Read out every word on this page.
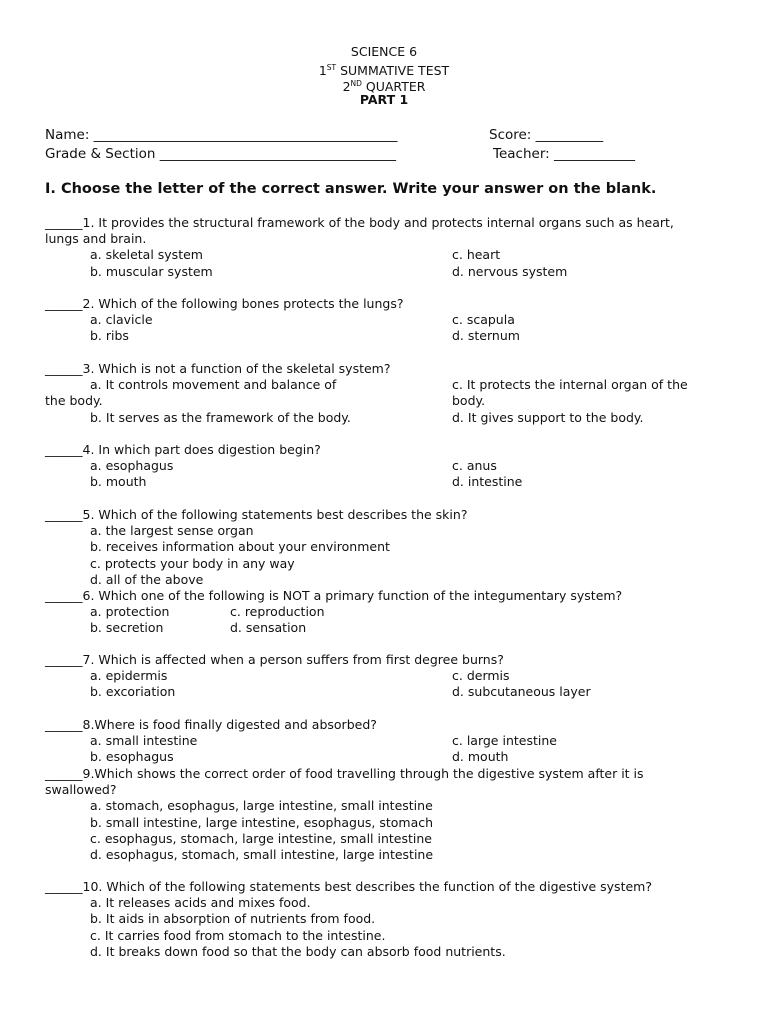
SCIENCE 6
1ST SUMMATIVE TEST
2ND QUARTER
PART 1
Name: _____________________________________________	Score: __________
Grade & Section ___________________________________	Teacher: ____________
I. Choose the letter of the correct answer. Write your answer on the blank.
______1. It provides the structural framework of the body and protects internal organs such as heart, lungs and brain.
a. skeletal system	c. heart
b. muscular system	d. nervous system
______2. Which of the following bones protects the lungs?
a. clavicle	c. scapula
b. ribs	d. sternum
______3. Which is not a function of the skeletal system?
a. It controls movement and balance of	c. It protects the internal organ of the
the body.	body.
b. It serves as the framework of the body.	d. It gives support to the body.
______4. In which part does digestion begin?
a. esophagus	c. anus
b. mouth	d. intestine
______5. Which of the following statements best describes the skin?
a. the largest sense organ
b. receives information about your environment
c. protects your body in any way
d. all of the above
______6. Which one of the following is NOT a primary function of the integumentary system?
a. protection	c. reproduction
b. secretion	d. sensation
______7. Which is affected when a person suffers from first degree burns?
a. epidermis	c. dermis
b. excoriation	d. subcutaneous layer
______8.Where is food finally digested and absorbed?
a. small intestine	c. large intestine
b. esophagus	d. mouth
______9.Which shows the correct order of food travelling through the digestive system after it is swallowed?
a. stomach, esophagus, large intestine, small intestine
b. small intestine, large intestine, esophagus, stomach
c. esophagus, stomach, large intestine, small intestine
d. esophagus, stomach, small intestine, large intestine
______10. Which of the following statements best describes the function of the digestive system?
a. It releases acids and mixes food.
b. It aids in absorption of nutrients from food.
c. It carries food from stomach to the intestine.
d. It breaks down food so that the body can absorb food nutrients.
